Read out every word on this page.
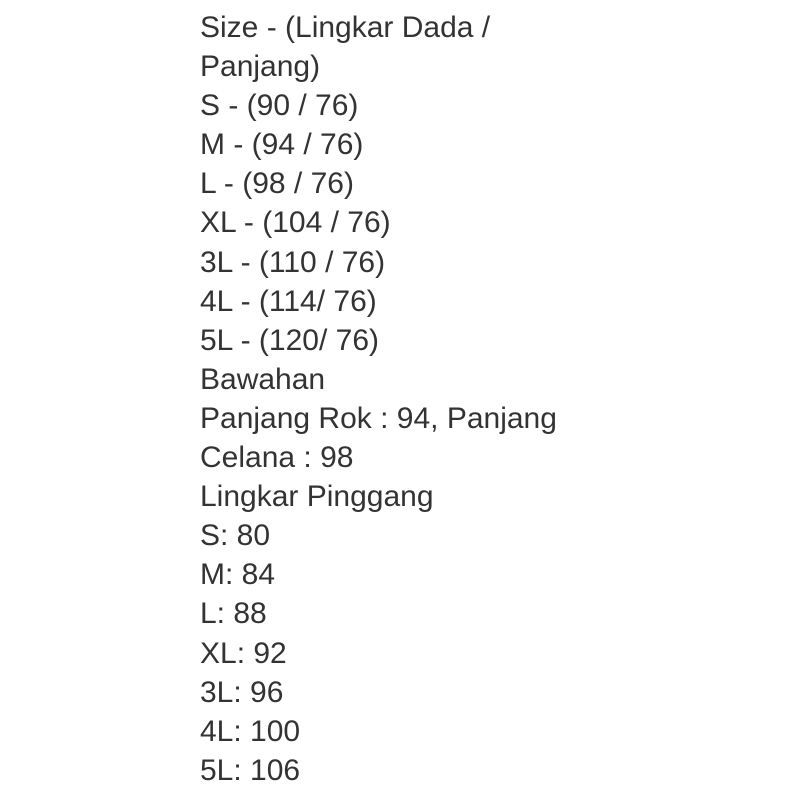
Size - (Lingkar Dada /
Panjang)
S - (90 / 76)
M - (94 / 76)
L - (98 / 76)
XL - (104 / 76)
3L - (110 / 76)
4L - (114/ 76)
5L - (120/ 76)
Bawahan
Panjang Rok : 94, Panjang
Celana : 98
Lingkar Pinggang
S: 80
M: 84
L: 88
XL: 92
3L: 96
4L: 100
5L: 106
